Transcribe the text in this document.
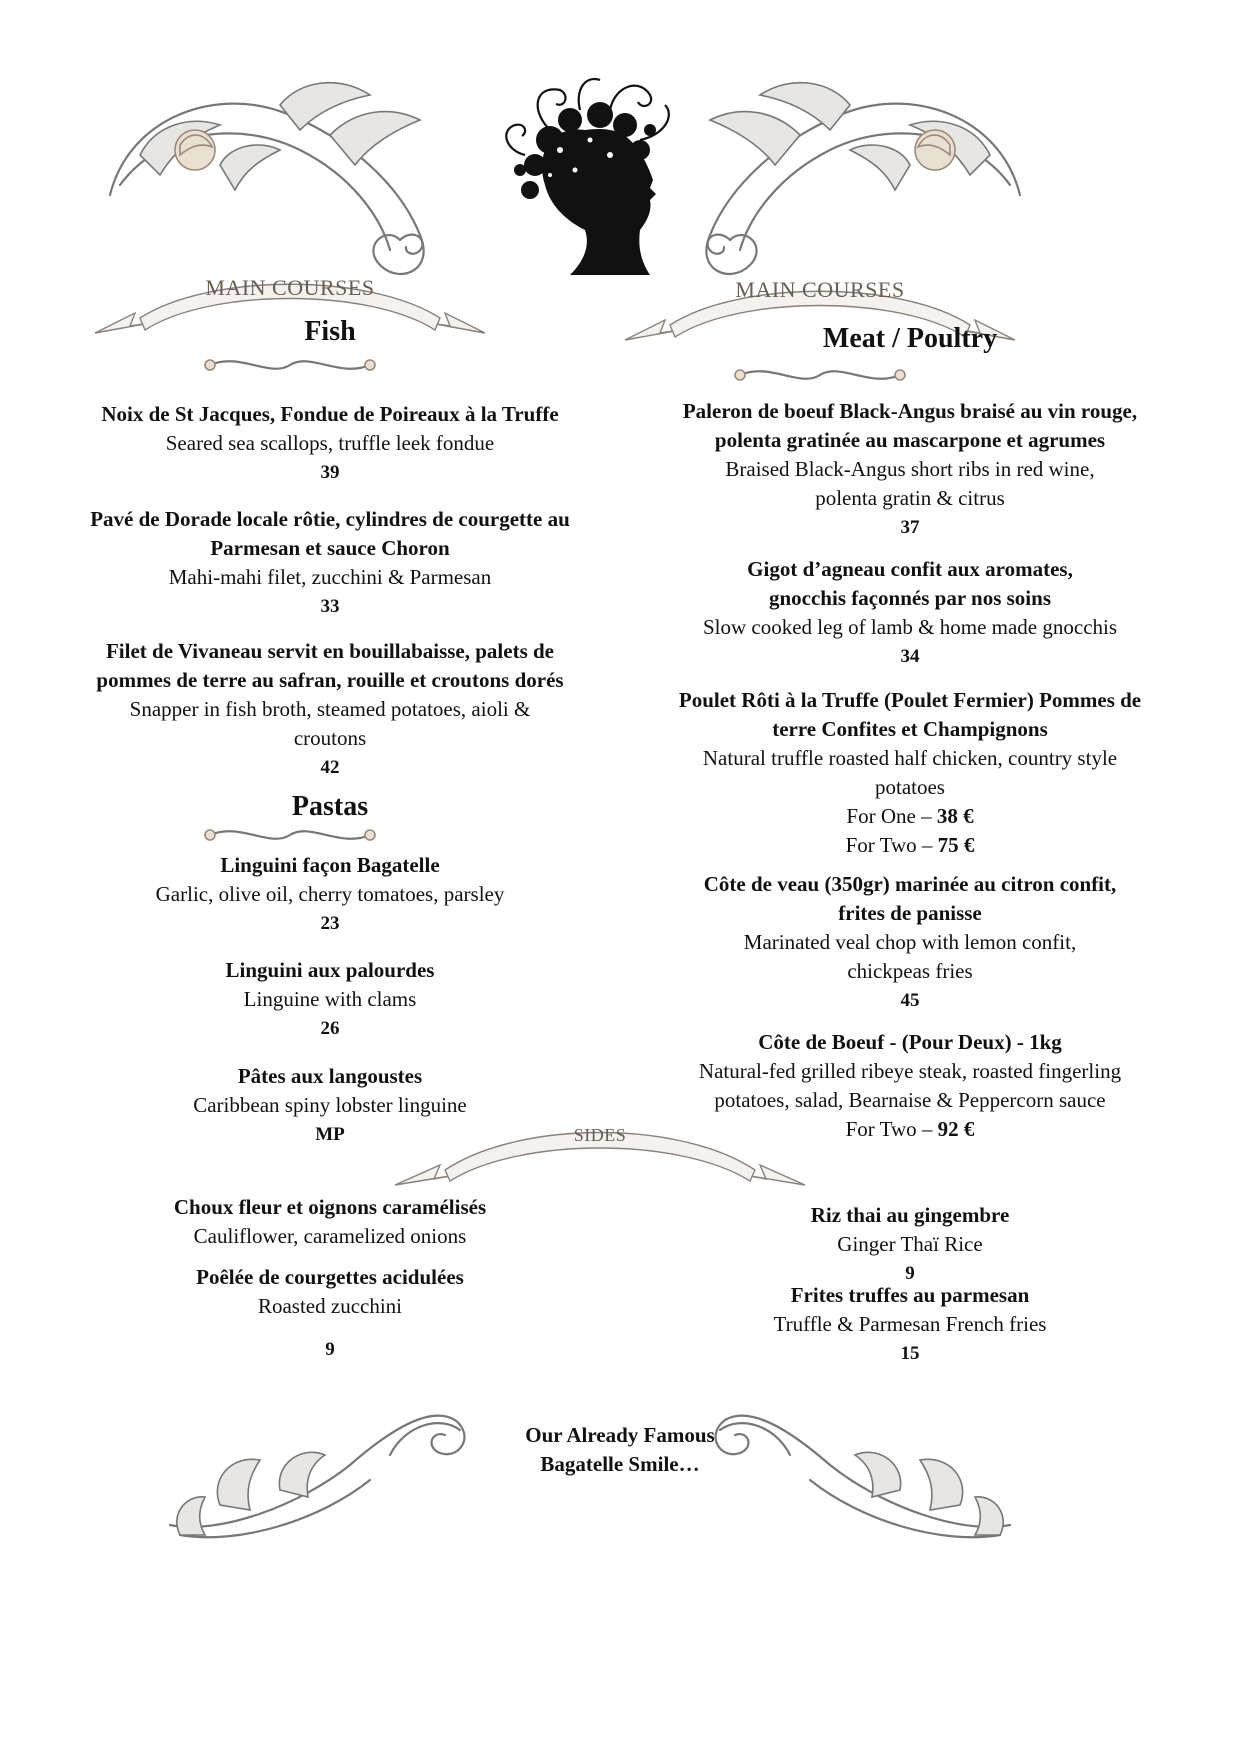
MAIN COURSES	MAIN COURSES
Fish
Noix de St Jacques, Fondue de Poireaux à la Truffe
Seared sea scallops, truffle leek fondue
39
Pavé de Dorade locale rôtie, cylindres de courgette au
Parmesan et sauce Choron
Mahi-mahi filet, zucchini & Parmesan
33
Filet de Vivaneau servit en bouillabaisse, palets de
pommes de terre au safran, rouille et croutons dorés
Snapper in fish broth, steamed potatoes, aioli &
croutons
42
Pastas
Linguini façon Bagatelle
Garlic, olive oil, cherry tomatoes, parsley
23
Linguini aux palourdes
Linguine with clams
26
Pâtes aux langoustes
Caribbean spiny lobster linguine
MP
Meat / Poultry
Paleron de boeuf Black-Angus braisé au vin rouge,
polenta gratinée au mascarpone et agrumes
Braised Black-Angus short ribs in red wine,
polenta gratin & citrus
37
Gigot d’agneau confit aux aromates,
gnocchis façonnés par nos soins
Slow cooked leg of lamb & home made gnocchis
34
Poulet Rôti à la Truffe (Poulet Fermier) Pommes de
terre Confites et Champignons
Natural truffle roasted half chicken, country style
potatoes
For One – 38 €
For Two – 75 €
Côte de veau (350gr) marinée au citron confit,
frites de panisse
Marinated veal chop with lemon confit,
chickpeas fries
45
Côte de Boeuf - (Pour Deux) - 1kg
Natural-fed grilled ribeye steak, roasted fingerling
potatoes, salad, Bearnaise & Peppercorn sauce
For Two – 92 €
SIDES
Choux fleur et oignons caramélisés
Cauliflower, caramelized onions
Poêlée de courgettes acidulées
Roasted zucchini
9
Riz thai au gingembre
Ginger Thaï Rice
9
Frites truffes au parmesan
Truffle & Parmesan French fries
15
Our Already Famous
Bagatelle Smile…
